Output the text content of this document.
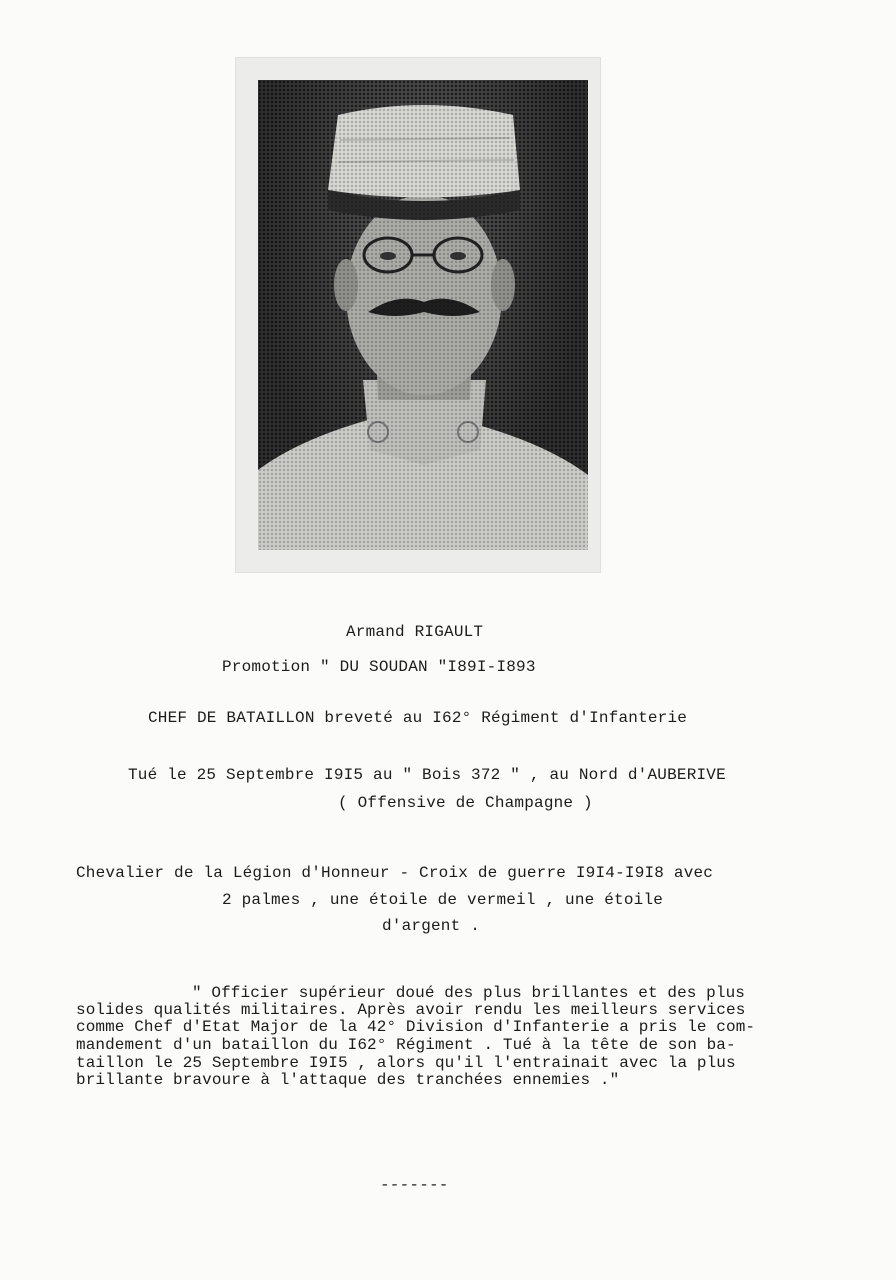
Armand RIGAULT
Promotion " DU SOUDAN "I89I-I893
CHEF DE BATAILLON breveté au I62° Régiment d'Infanterie
Tué le 25 Septembre I9I5 au " Bois 372 " , au Nord d'AUBERIVE
( Offensive de Champagne )
Chevalier de la Légion d'Honneur - Croix de guerre I9I4-I9I8 avec
2 palmes , une étoile de vermeil , une étoile
d'argent .
" Officier supérieur doué des plus brillantes et des plus
solides qualités militaires. Après avoir rendu les meilleurs services
comme Chef d'Etat Major de la 42° Division d'Infanterie a pris le com-
mandement d'un bataillon du I62° Régiment . Tué à la tête de son ba-
taillon le 25 Septembre I9I5 , alors qu'il l'entrainait avec la plus
brillante bravoure à l'attaque des tranchées ennemies ."
-------
